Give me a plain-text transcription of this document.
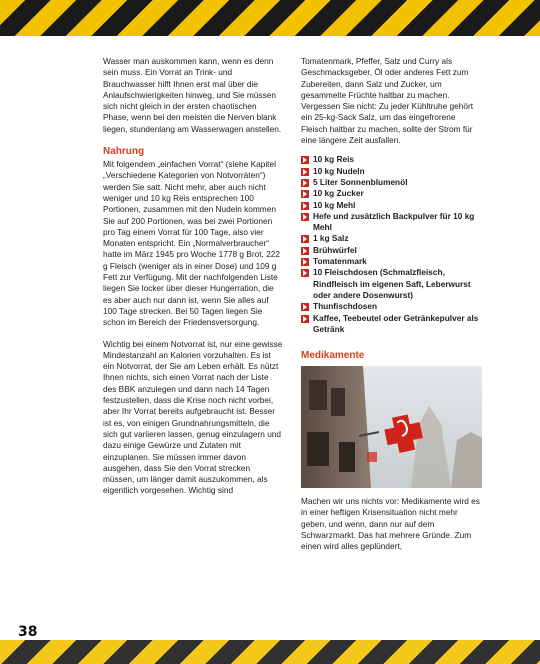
Wasser man auskommen kann, wenn es denn sein muss. Ein Vorrat an Trink- und Brauchwasser hilft Ihnen erst mal über die Anlaufschwierigkeiten hinweg, und Sie müssen sich nicht gleich in der ersten chaotischen Phase, wenn bei den meisten die Nerven blank liegen, stundenlang am Wasserwagen anstellen.

Nahrung

Mit folgendem „einfachen Vorrat“ (siehe Kapitel „Verschiedene Kategorien von Notvorräten“) werden Sie satt. Nicht mehr, aber auch nicht weniger und 10 kg Reis entsprechen 100 Portionen, zusammen mit den Nudeln kommen Sie auf 200 Portionen, was bei zwei Portionen pro Tag einem Vorrat für 100 Tage, also vier Monaten entspricht. Ein „Normalverbraucher“ hatte im März 1945 pro Woche 1778 g Brot, 222 g Fleisch (weniger als in einer Dose) und 109 g Fett zur Verfügung. Mit der nachfolgenden Liste liegen Sie locker über dieser Hungerration, die es aber auch nur dann ist, wenn Sie alles auf 100 Tage strecken. Bei 50 Tagen liegen Sie schon im Bereich der Friedensversorgung.

Wichtig bei einem Notvorrat ist, nur eine gewisse Mindestanzahl an Kalorien vorzuhalten. Es ist ein Notvorrat, der Sie am Leben erhält. Es nützt Ihnen nichts, sich einen Vorrat nach der Liste des BBK anzulegen und dann nach 14 Tagen festzustellen, dass die Krise noch nicht vorbei, aber Ihr Vorrat bereits aufgebraucht ist. Besser ist es, von einigen Grundnahrungsmitteln, die sich gut variieren lassen, genug einzulagern und dazu einige Gewürze und Zutaten mit einzuplanen. Sie müssen immer davon ausgehen, dass Sie den Vorrat strecken müssen, um länger damit auszukommen, als eigentlich vorgesehen. Wichtig sind

Tomatenmark, Pfeffer, Salz und Curry als Geschmacksgeber, Öl oder anderes Fett zum Zubereiten, dann Salz und Zucker, um gesammelte Früchte haltbar zu machen. Vergessen Sie nicht: Zu jeder Kühltruhe gehört ein 25-kg-Sack Salz, um das eingefrorene Fleisch haltbar zu machen, sollte der Strom für eine längere Zeit ausfallen.

10 kg Reis
10 kg Nudeln
5 Liter Sonnenblumenöl
10 kg Zucker
10 kg Mehl
Hefe und zusätzlich Backpulver für 10 kg Mehl
1 kg Salz
Brühwürfel
Tomatenmark
10 Fleischdosen (Schmalzfleisch, Rindfleisch im eigenen Saft, Leberwurst oder andere Dosenwurst)
Thunfischdosen
Kaffee, Teebeutel oder Getränkepulver als Getränk
Medikamente

Machen wir uns nichts vor: Medikamente wird es in einer heftigen Krisensituation nicht mehr geben, und wenn, dann nur auf dem Schwarzmarkt. Das hat mehrere Gründe. Zum einen wird alles geplündert,

38
